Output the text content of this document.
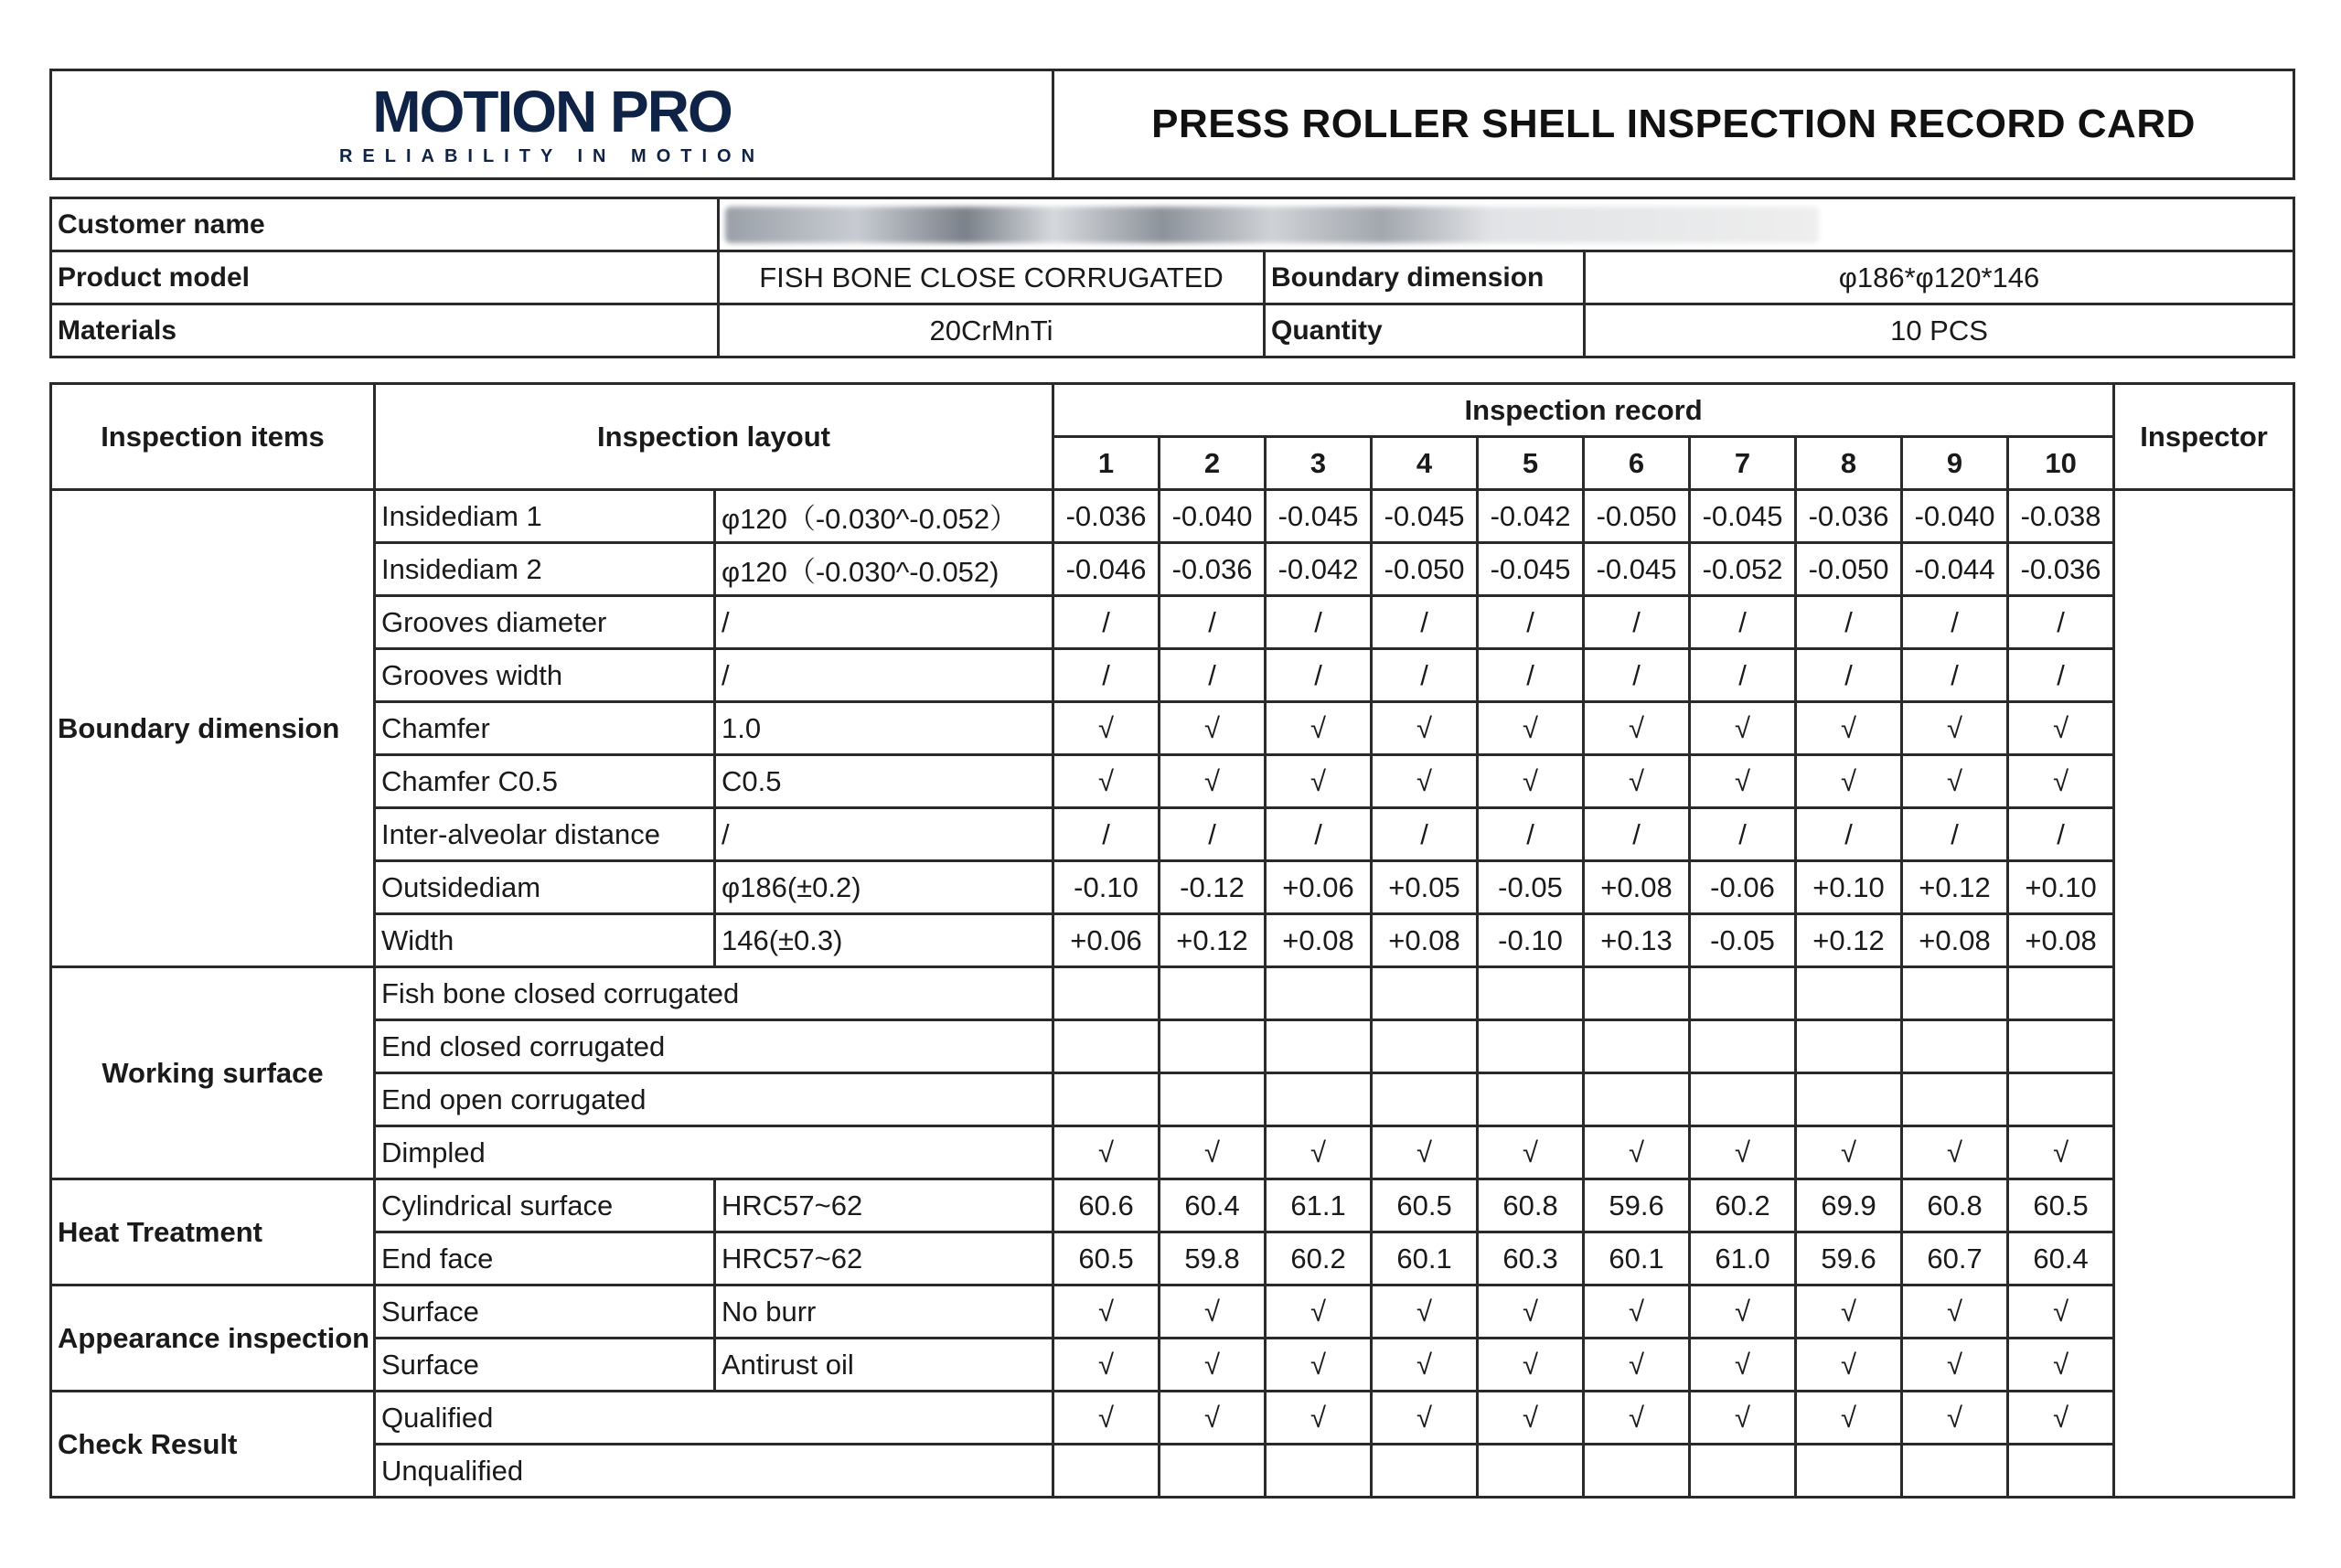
MOTION PRO
RELIABILITY IN MOTION
	PRESS ROLLER SHELL INSPECTION RECORD CARD
Customer name			

Product model	FISH BONE CLOSE CORRUGATED	Boundary dimension	φ186*φ120*146
Materials	20CrMnTi	Quantity	10 PCS
Inspection items	Inspection layout		Inspection record										Inspector
			1	2	3	4	5	6	7	8	9	10	
Boundary dimension	Insidediam 1	φ120（-0.030^-0.052）	-0.036	-0.040	-0.045	-0.045	-0.042	-0.050	-0.045	-0.036	-0.040	-0.038	
	Insidediam 2	φ120（-0.030^-0.052)	-0.046	-0.036	-0.042	-0.050	-0.045	-0.045	-0.052	-0.050	-0.044	-0.036	
	Grooves diameter	/	/	/	/	/	/	/	/	/	/	/	
	Grooves width	/	/	/	/	/	/	/	/	/	/	/	
	Chamfer	1.0	√	√	√	√	√	√	√	√	√	√	
	Chamfer C0.5	C0.5	√	√	√	√	√	√	√	√	√	√	
	Inter-alveolar distance	/	/	/	/	/	/	/	/	/	/	/	
	Outsidediam	φ186(±0.2)	-0.10	-0.12	+0.06	+0.05	-0.05	+0.08	-0.06	+0.10	+0.12	+0.10	
	Width	146(±0.3)	+0.06	+0.12	+0.08	+0.08	-0.10	+0.13	-0.05	+0.12	+0.08	+0.08	
Working surface	Fish bone closed corrugated												
	End closed corrugated												
	End open corrugated												
	Dimpled		√	√	√	√	√	√	√	√	√	√	
Heat Treatment	Cylindrical surface	HRC57~62	60.6	60.4	61.1	60.5	60.8	59.6	60.2	69.9	60.8	60.5	
	End face	HRC57~62	60.5	59.8	60.2	60.1	60.3	60.1	61.0	59.6	60.7	60.4	
Appearance inspection	Surface	No burr	√	√	√	√	√	√	√	√	√	√	
	Surface	Antirust oil	√	√	√	√	√	√	√	√	√	√	
Check Result	Qualified		√	√	√	√	√	√	√	√	√	√	
	Unqualified												
